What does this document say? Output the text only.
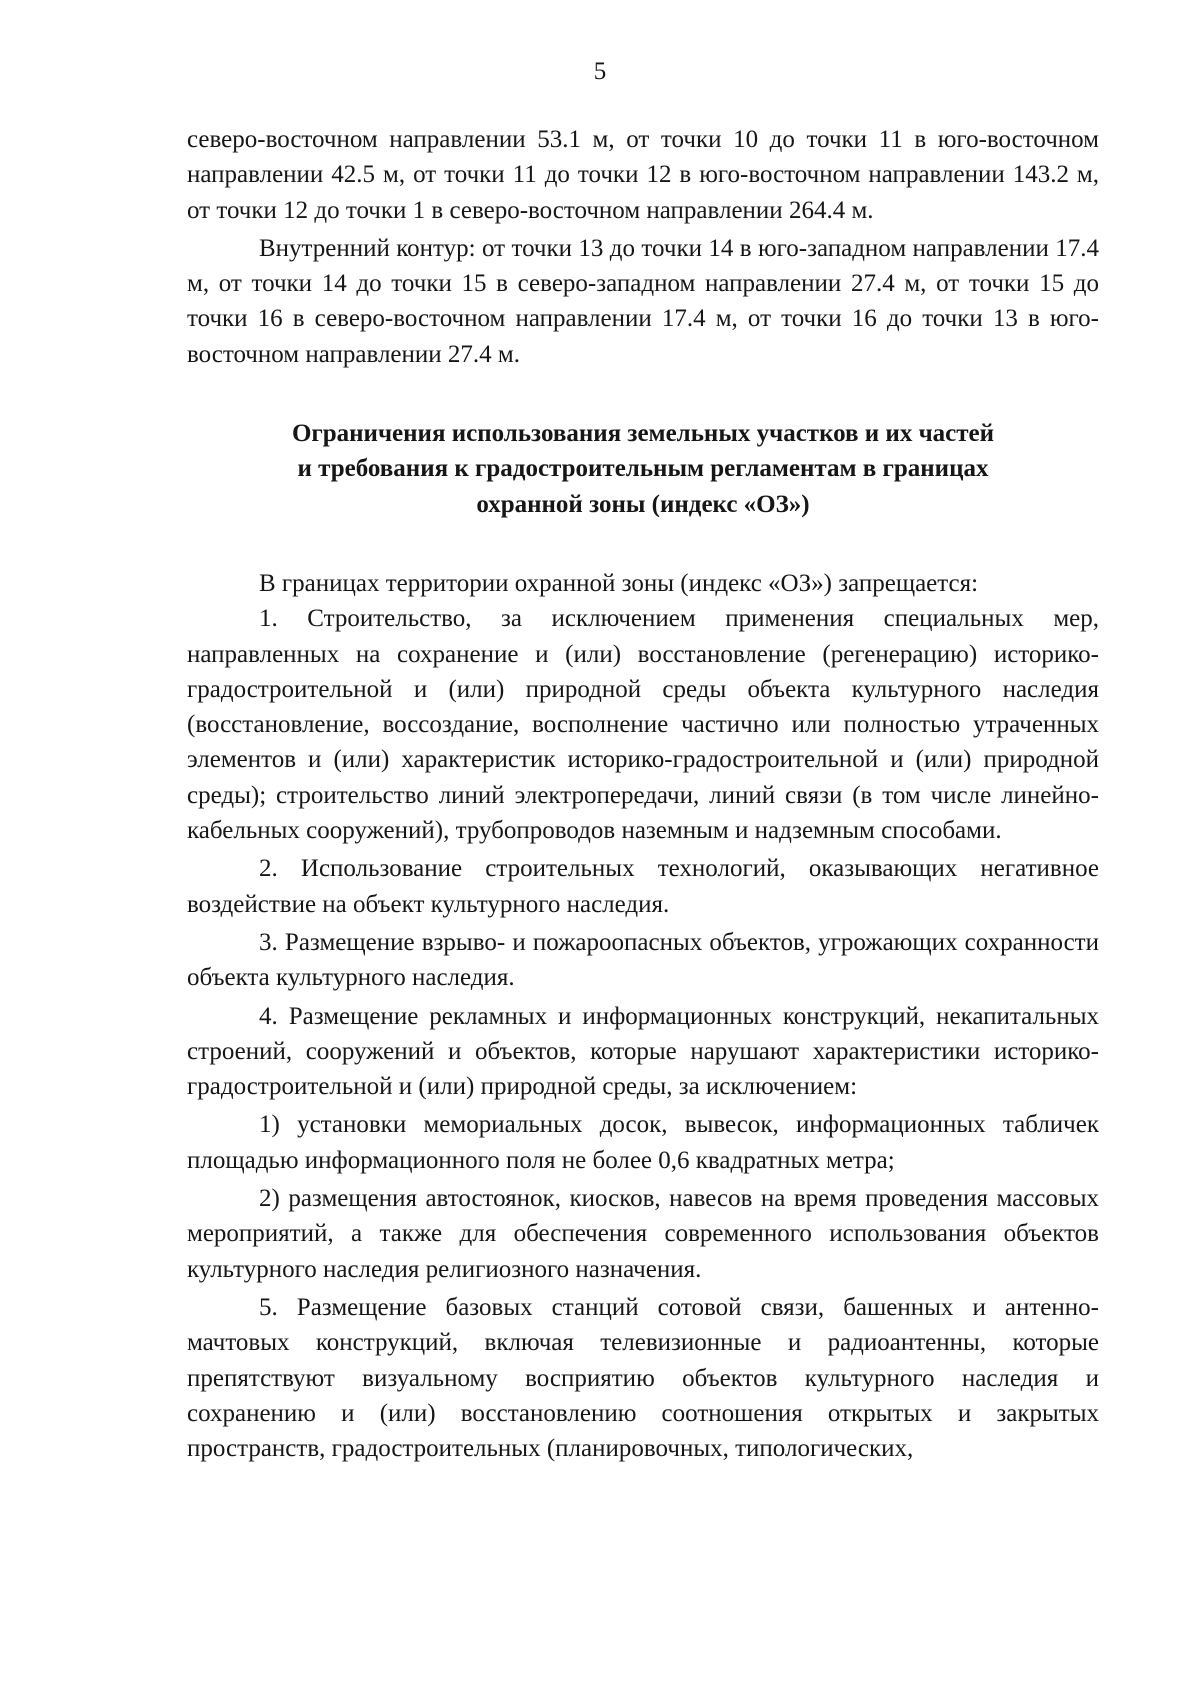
5

северо-восточном направлении 53.1 м, от точки 10 до точки 11 в юго-восточном направлении 42.5 м, от точки 11 до точки 12 в юго-восточном направлении 143.2 м, от точки 12 до точки 1 в северо-восточном направлении 264.4 м.

Внутренний контур: от точки 13 до точки 14 в юго-западном направлении 17.4 м, от точки 14 до точки 15 в северо-западном направлении 27.4 м, от точки 15 до точки 16 в северо-восточном направлении 17.4 м, от точки 16 до точки 13 в юго-восточном направлении 27.4 м.

Ограничения использования земельных участков и их частей
и требования к градостроительным регламентам в границах
охранной зоны (индекс «ОЗ»)

В границах территории охранной зоны (индекс «ОЗ») запрещается:

1. Строительство, за исключением применения специальных мер, направленных на сохранение и (или) восстановление (регенерацию) историко-градостроительной и (или) природной среды объекта культурного наследия (восстановление, воссоздание, восполнение частично или полностью утраченных элементов и (или) характеристик историко-градостроительной и (или) природной среды); строительство линий электропередачи, линий связи (в том числе линейно-кабельных сооружений), трубопроводов наземным и надземным способами.

2. Использование строительных технологий, оказывающих негативное воздействие на объект культурного наследия.

3. Размещение взрыво- и пожароопасных объектов, угрожающих сохранности объекта культурного наследия.

4. Размещение рекламных и информационных конструкций, некапитальных строений, сооружений и объектов, которые нарушают характеристики историко-градостроительной и (или) природной среды, за исключением:

1) установки мемориальных досок, вывесок, информационных табличек площадью информационного поля не более 0,6 квадратных метра;

2) размещения автостоянок, киосков, навесов на время проведения массовых мероприятий, а также для обеспечения современного использования объектов культурного наследия религиозного назначения.

5. Размещение базовых станций сотовой связи, башенных и антенно-мачтовых конструкций, включая телевизионные и радиоантенны, которые препятствуют визуальному восприятию объектов культурного наследия и сохранению и (или) восстановлению соотношения открытых и закрытых пространств, градостроительных (планировочных, типологических,
